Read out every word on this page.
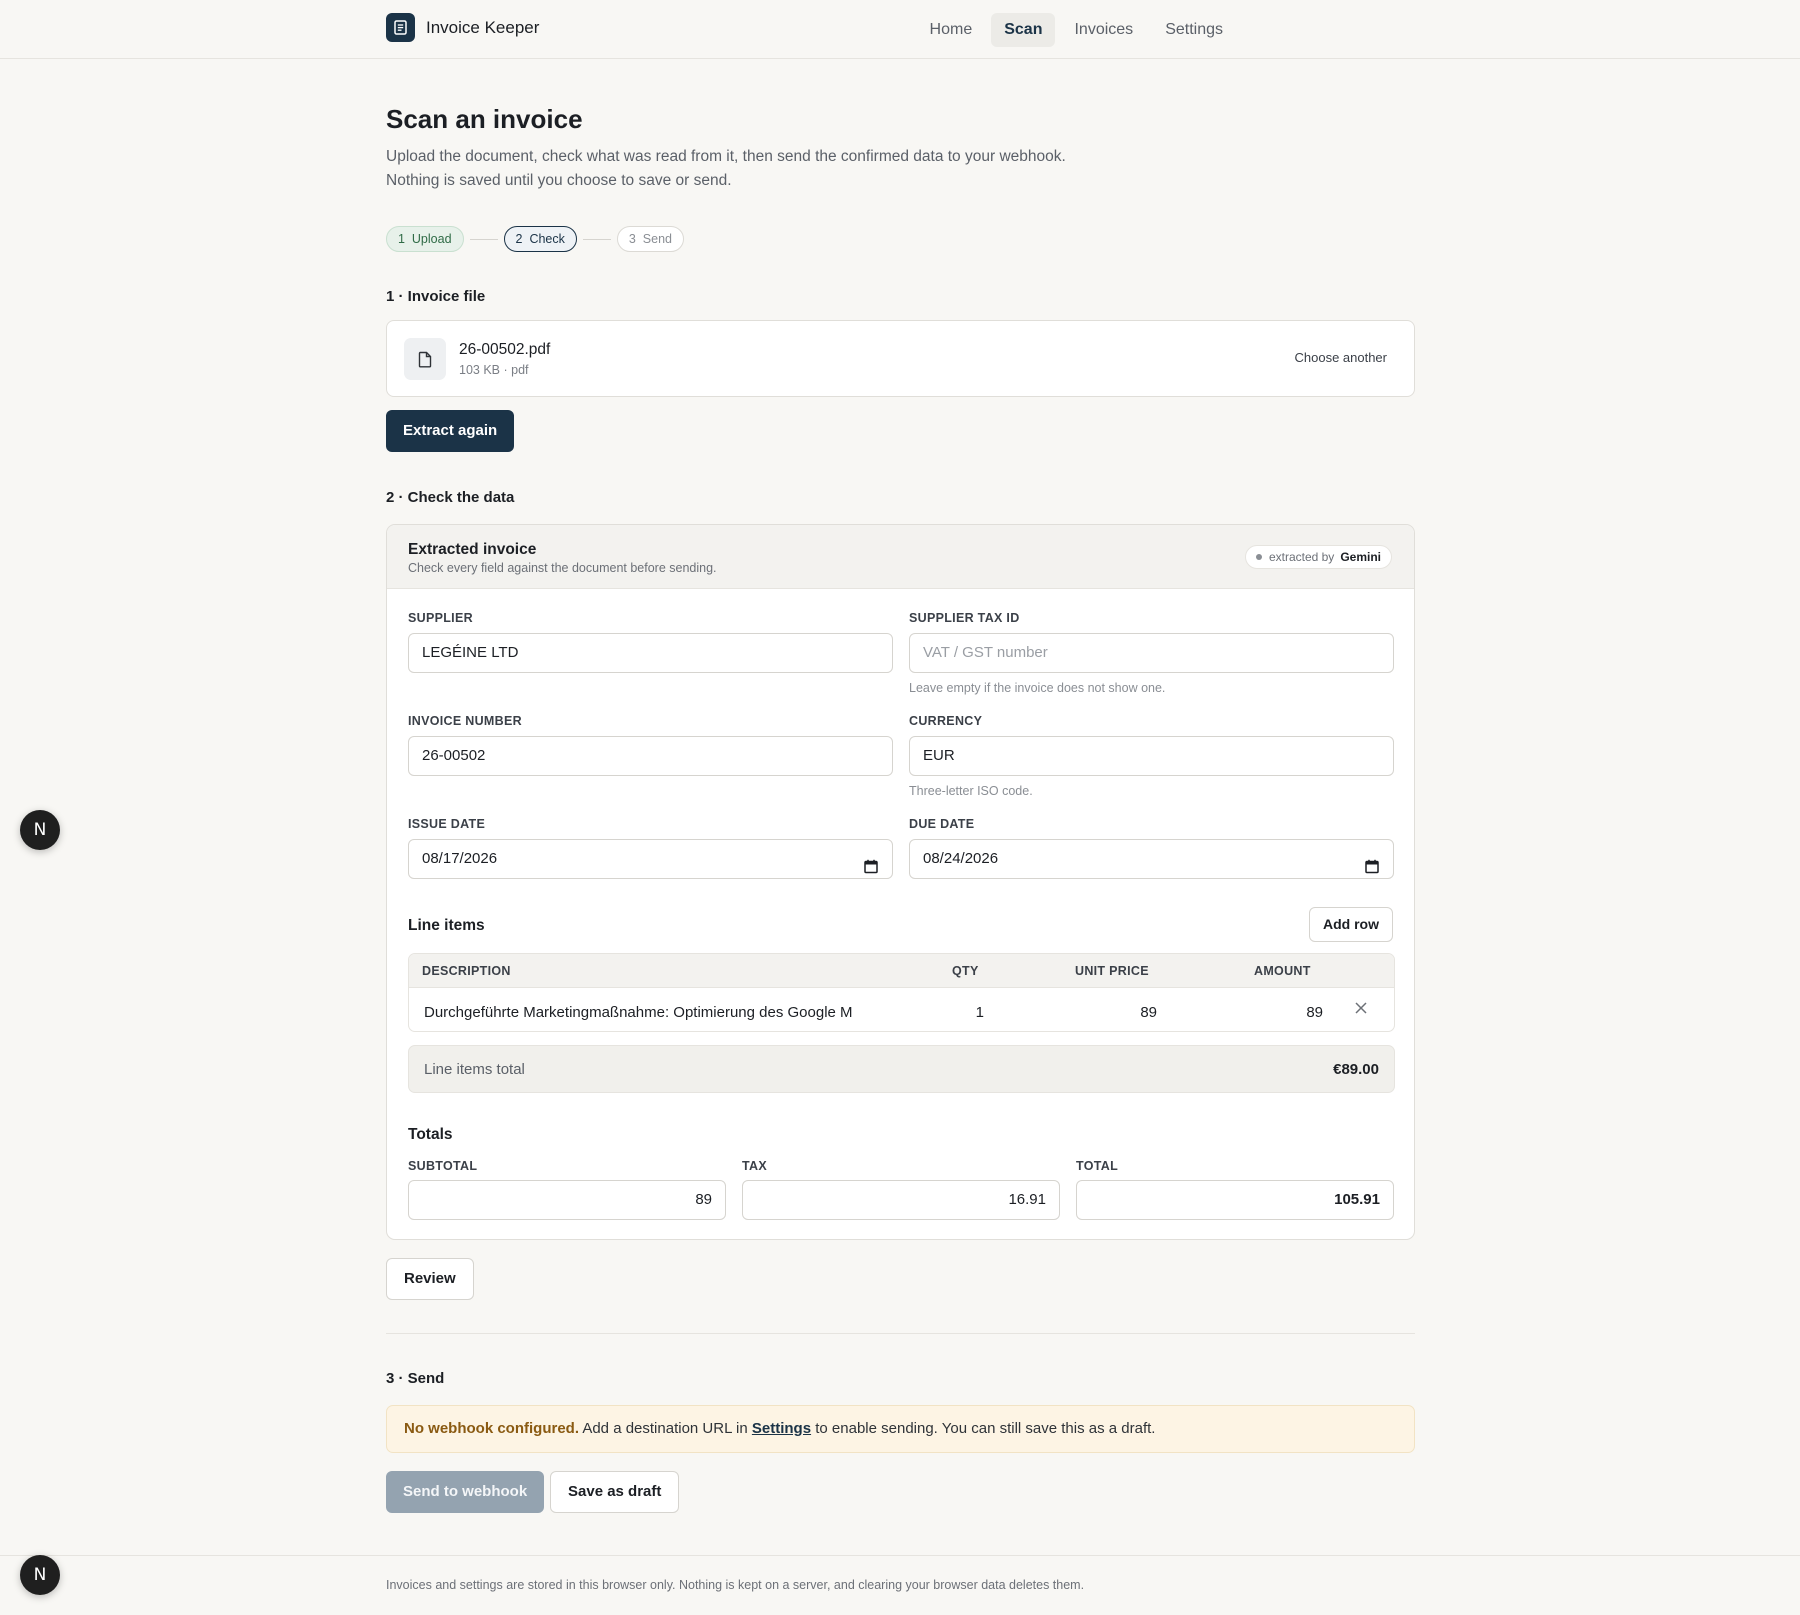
Invoice Keeper	Home	Scan	Invoices	Settings
Scan an invoice

Upload the document, check what was read from it, then send the confirmed data to your webhook. Nothing is saved until you choose to save or send.

1 Upload	2 Check	3 Send
1 · Invoice file
26-00502.pdf
103 KB · pdf
Choose another
Extract again
2 · Check the data
Extracted invoice
Check every field against the document before sending.
extracted by Gemini
SUPPLIER
LEGÉINE LTD
SUPPLIER TAX ID
VAT / GST number
Leave empty if the invoice does not show one.
INVOICE NUMBER
26-00502
CURRENCY
EUR
Three-letter ISO code.
ISSUE DATE
08/17/2026
DUE DATE
08/24/2026
Line items	Add row
DESCRIPTION	QTY	UNIT PRICE	AMOUNT
Durchgeführte Marketingmaßnahme: Optimierung des Google M	1	89	89
Line items total	€89.00
Totals
SUBTOTAL
89
TAX
16.91
TOTAL
105.91
Review
3 · Send
No webhook configured. Add a destination URL in Settings to enable sending. You can still save this as a draft.
Send to webhook	Save as draft
Invoices and settings are stored in this browser only. Nothing is kept on a server, and clearing your browser data deletes them.
N
N
